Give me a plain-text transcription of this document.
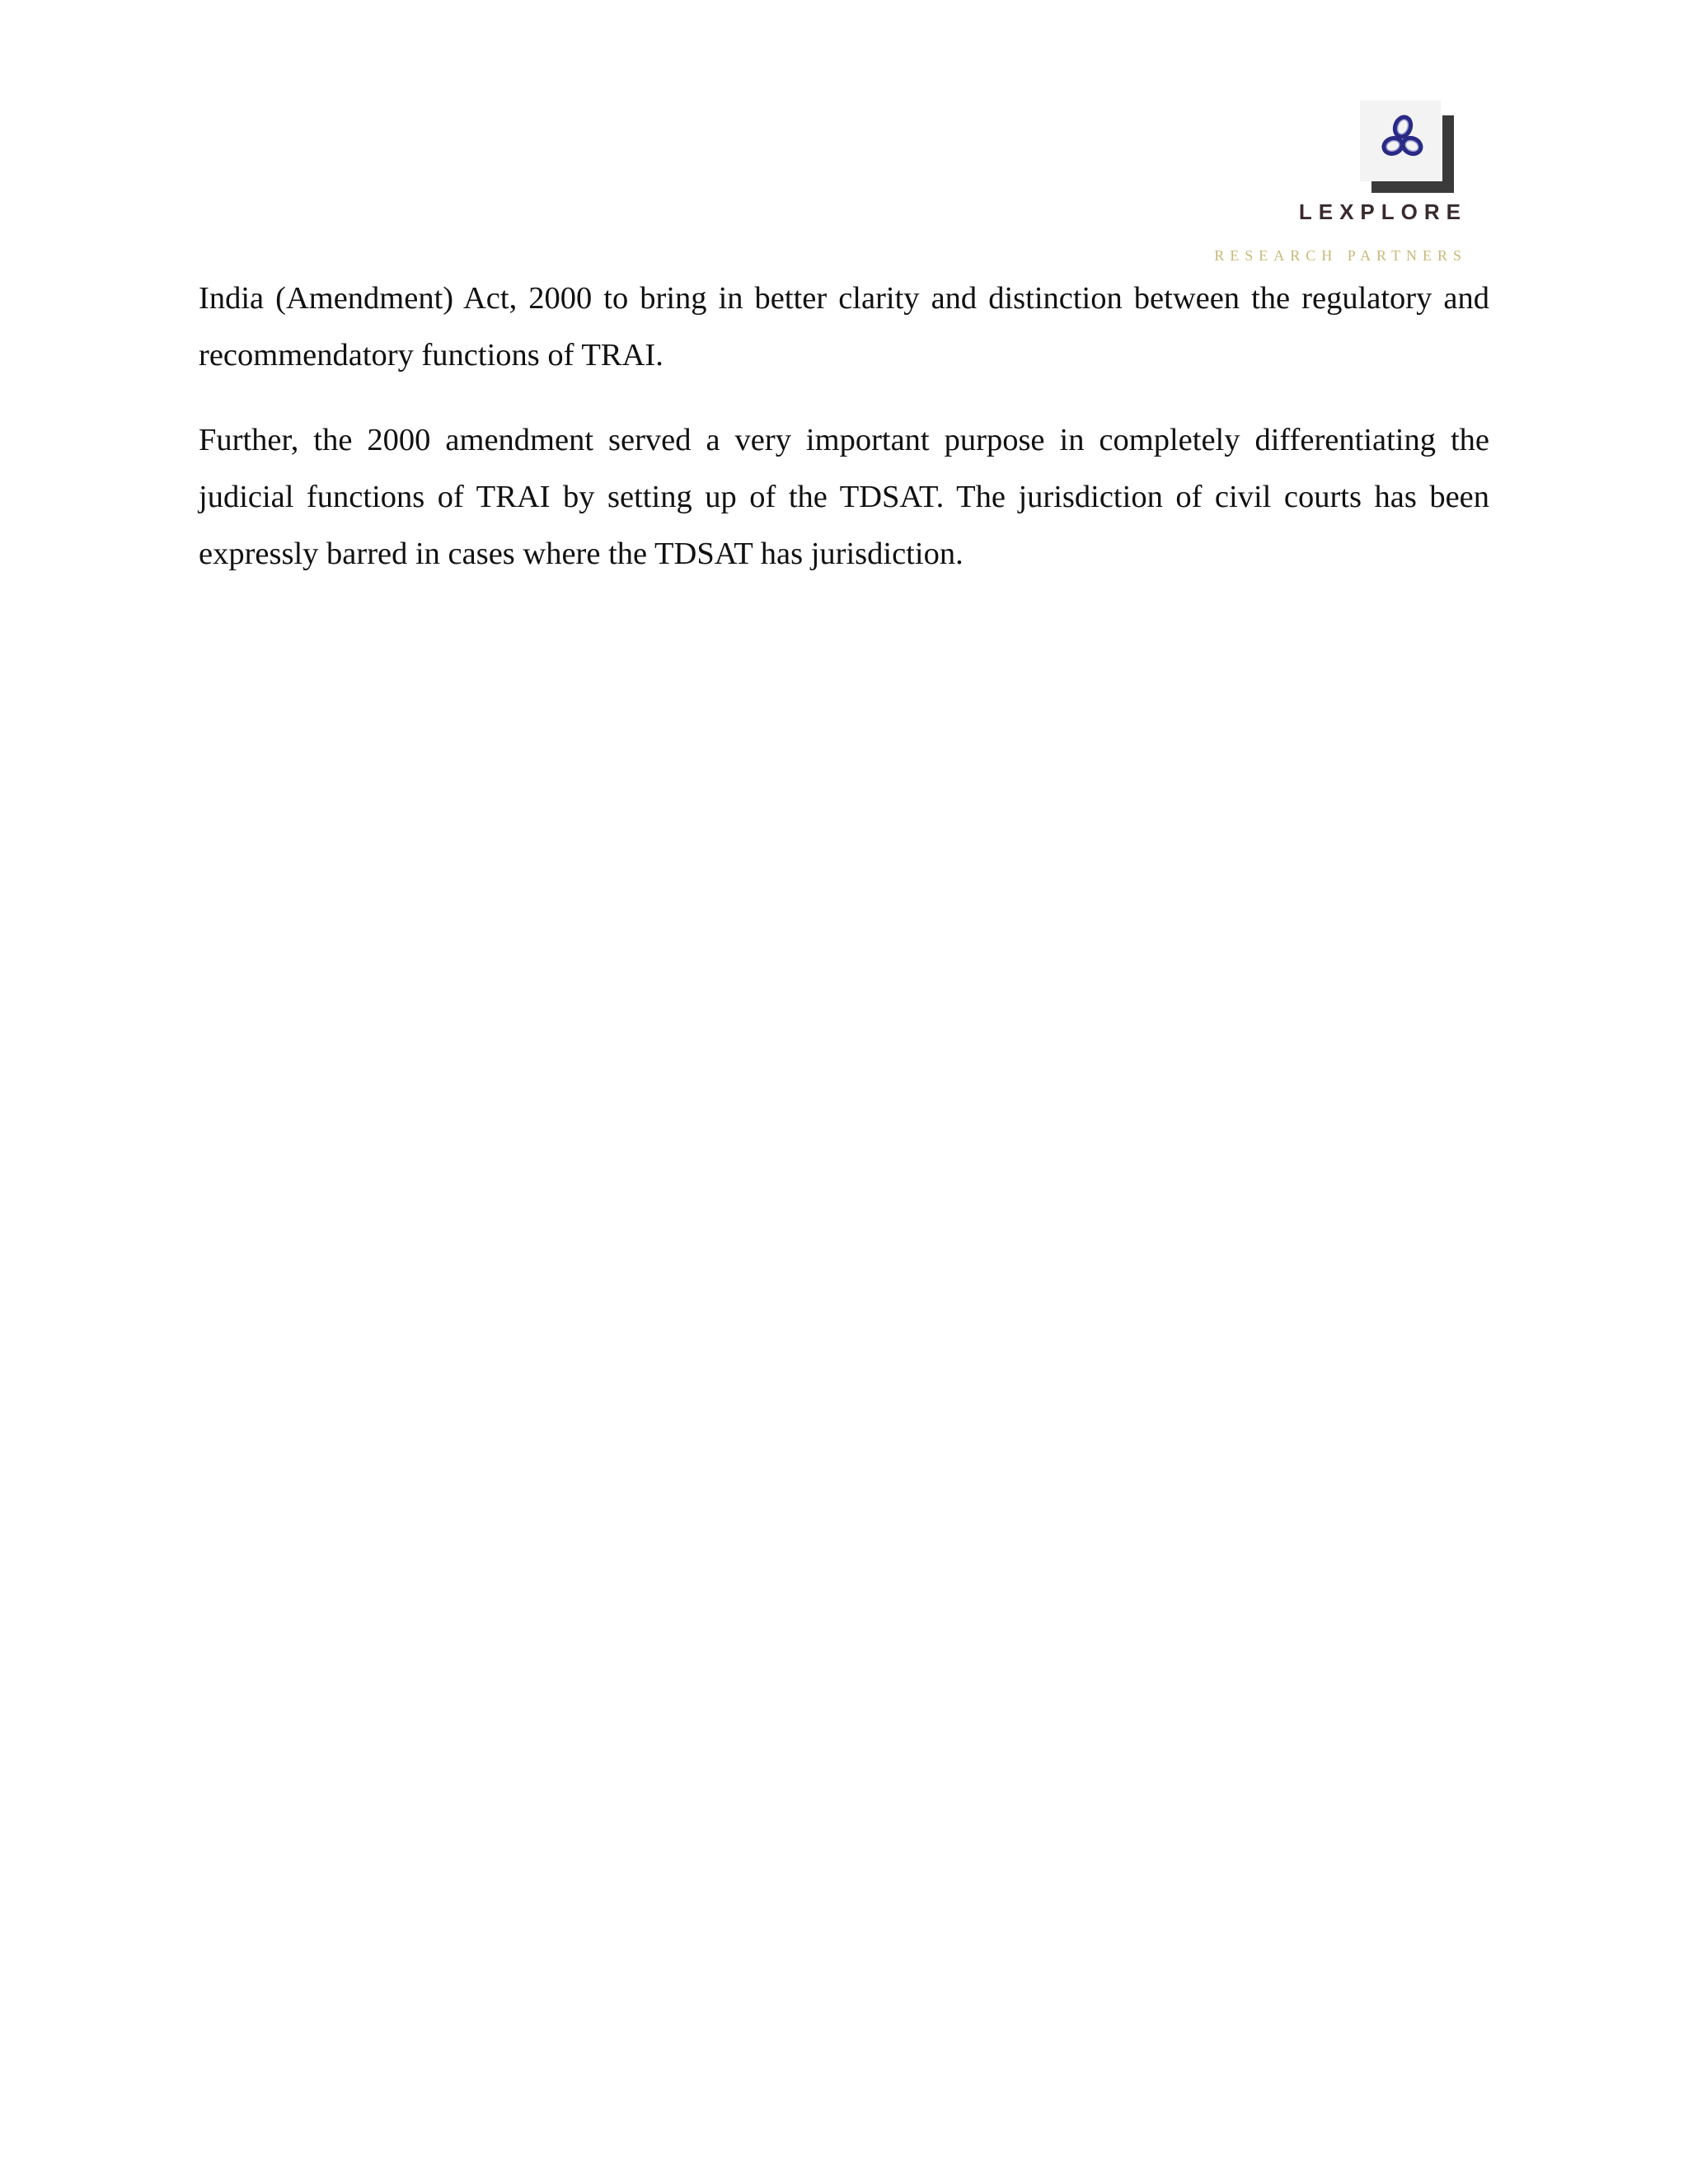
LEXPLORE
RESEARCH PARTNERS

India (Amendment) Act, 2000 to bring in better clarity and distinction between the regulatory and recommendatory functions of TRAI.

Further, the 2000 amendment served a very important purpose in completely differentiating the judicial functions of TRAI by setting up of the TDSAT. The jurisdiction of civil courts has been expressly barred in cases where the TDSAT has jurisdiction.
